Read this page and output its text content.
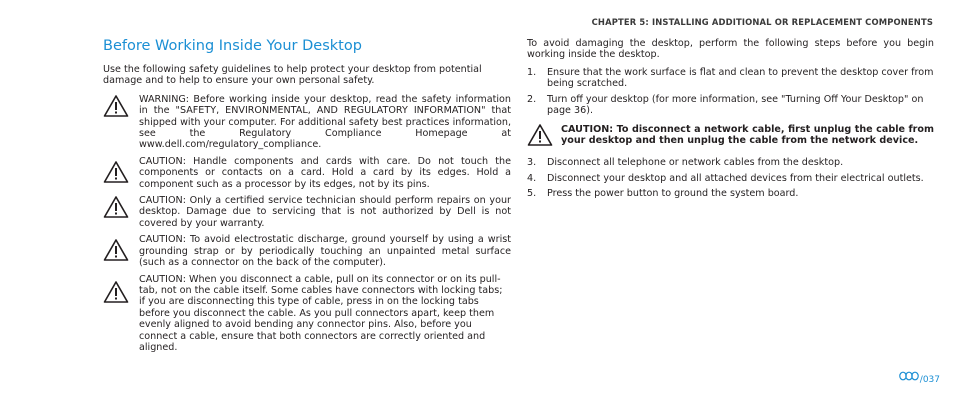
CHAPTER 5: INSTALLING ADDITIONAL OR REPLACEMENT COMPONENTS
Before Working Inside Your Desktop

Use the following safety guidelines to help protect your desktop from potential damage and to help to ensure your own personal safety.

WARNING: Before working inside your desktop, read the safety information in the "SAFETY, ENVIRONMENTAL, AND REGULATORY INFORMATION" that shipped with your computer. For additional safety best practices information, see the Regulatory Compliance Homepage at www.dell.com/regulatory_compliance.
CAUTION: Handle components and cards with care. Do not touch the components or contacts on a card. Hold a card by its edges. Hold a component such as a processor by its edges, not by its pins.
CAUTION: Only a certified service technician should perform repairs on your desktop. Damage due to servicing that is not authorized by Dell is not covered by your warranty.
CAUTION: To avoid electrostatic discharge, ground yourself by using a wrist grounding strap or by periodically touching an unpainted metal surface (such as a connector on the back of the computer).
CAUTION: When you disconnect a cable, pull on its connector or on its pull-tab, not on the cable itself. Some cables have connectors with locking tabs; if you are disconnecting this type of cable, press in on the locking tabs before you disconnect the cable. As you pull connectors apart, keep them evenly aligned to avoid bending any connector pins. Also, before you connect a cable, ensure that both connectors are correctly oriented and aligned.

To avoid damaging the desktop, perform the following steps before you begin working inside the desktop.

1.	Ensure that the work surface is flat and clean to prevent the desktop cover from being scratched.
2.	Turn off your desktop (for more information, see "Turning Off Your Desktop" on page 36).
CAUTION: To disconnect a network cable, first unplug the cable from your desktop and then unplug the cable from the network device.
3.	Disconnect all telephone or network cables from the desktop.
4.	Disconnect your desktop and all attached devices from their electrical outlets.
5.	Press the power button to ground the system board.
/037
